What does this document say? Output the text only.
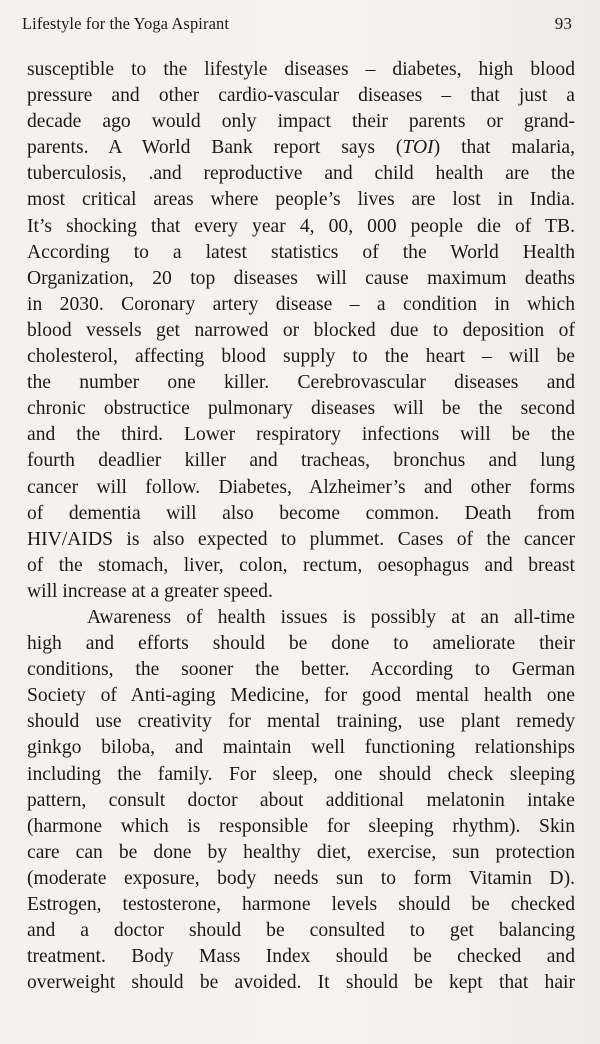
Lifestyle for the Yoga Aspirant	93
susceptible to the lifestyle diseases – diabetes, high blood
pressure and other cardio-vascular diseases – that just a
decade ago would only impact their parents or grand-
parents. A World Bank report says (TOI) that malaria,
tuberculosis, .and reproductive and child health are the
most critical areas where people’s lives are lost in India.
It’s shocking that every year 4, 00, 000 people die of TB.
According to a latest statistics of the World Health
Organization, 20 top diseases will cause maximum deaths
in 2030. Coronary artery disease – a condition in which
blood vessels get narrowed or blocked due to deposition of
cholesterol, affecting blood supply to the heart – will be
the number one killer. Cerebrovascular diseases and
chronic obstructice pulmonary diseases will be the second
and the third. Lower respiratory infections will be the
fourth deadlier killer and tracheas, bronchus and lung
cancer will follow. Diabetes, Alzheimer’s and other forms
of dementia will also become common. Death from
HIV/AIDS is also expected to plummet. Cases of the cancer
of the stomach, liver, colon, rectum, oesophagus and breast
will increase at a greater speed.
Awareness of health issues is possibly at an all-time
high and efforts should be done to ameliorate their
conditions, the sooner the better. According to German
Society of Anti-aging Medicine, for good mental health one
should use creativity for mental training, use plant remedy
ginkgo biloba, and maintain well functioning relationships
including the family. For sleep, one should check sleeping
pattern, consult doctor about additional melatonin intake
(harmone which is responsible for sleeping rhythm). Skin
care can be done by healthy diet, exercise, sun protection
(moderate exposure, body needs sun to form Vitamin D).
Estrogen, testosterone, harmone levels should be checked
and a doctor should be consulted to get balancing
treatment. Body Mass Index should be checked and
overweight should be avoided. It should be kept that hair
